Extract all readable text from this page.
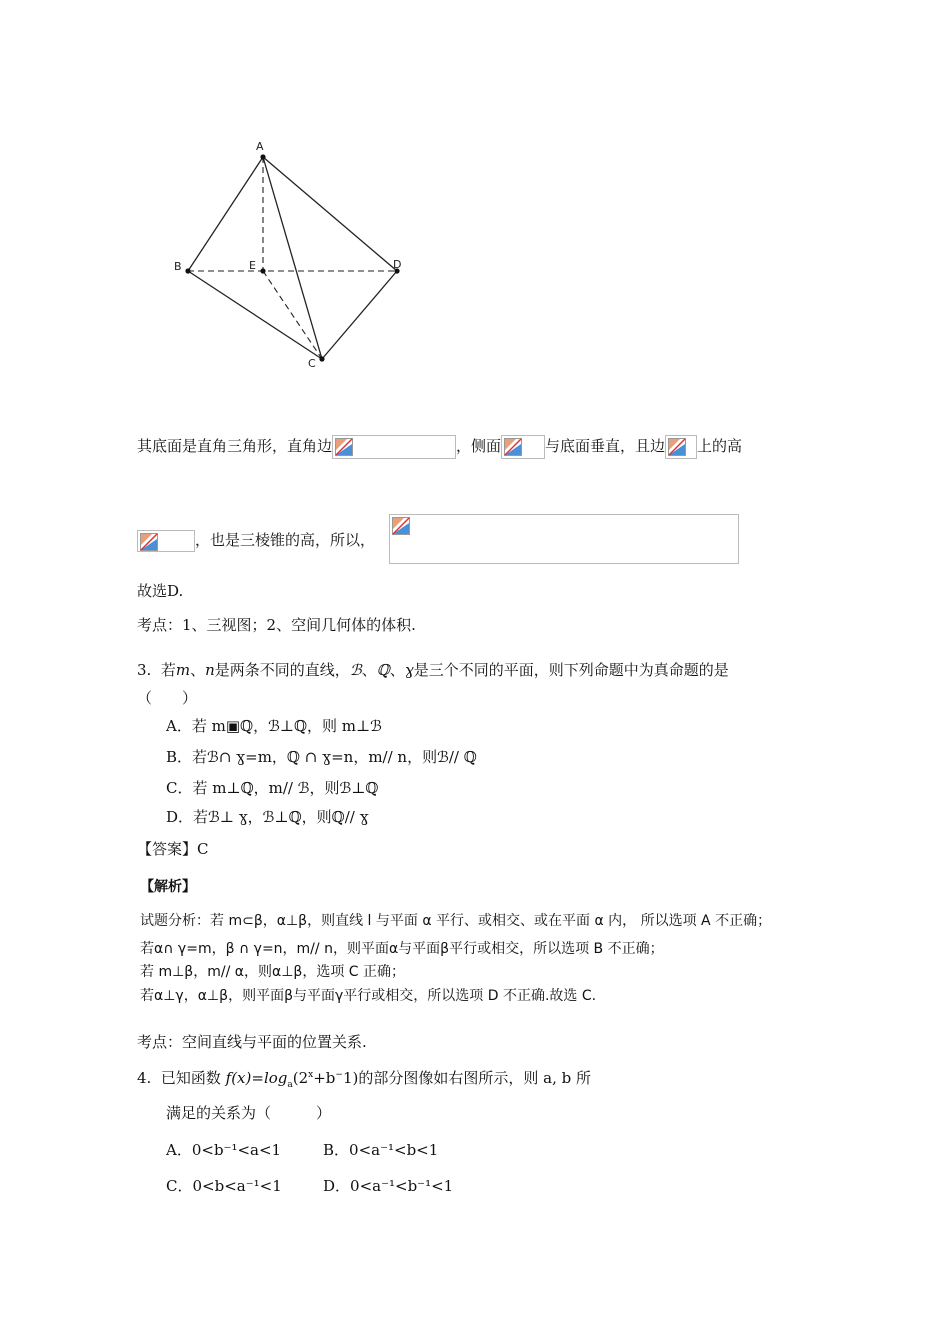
A
B	E	D
C
其底面是直角三角形，直角边	，侧面	与底面垂直，且边 上的高
，也是三棱锥的高，所以，
故选D.
考点：1、三视图；2、空间几何体的体积.
3. 若m、n是两条不同的直线，ℬ、ℚ、ɣ是三个不同的平面，则下列命题中为真命题的是
（　　）
A．若 m▣ℚ，ℬ⊥ℚ，则 m⊥ℬ
B．若ℬ∩ ɣ=m，ℚ ∩ ɣ=n，m// n，则ℬ// ℚ
C．若 m⊥ℚ，m// ℬ，则ℬ⊥ℚ
D．若ℬ⊥ ɣ，ℬ⊥ℚ，则ℚ// ɣ
【答案】C
【解析】
试题分析：若 m⊂β，α⊥β，则直线 l 与平面 α 平行、或相交、或在平面 α 内， 所以选项 A 不正确；
若α∩ γ=m，β ∩ γ=n，m// n，则平面α与平面β平行或相交，所以选项 B 不正确；
若 m⊥β，m// α，则α⊥β，选项 C 正确；
若α⊥γ，α⊥β，则平面β与平面γ平行或相交，所以选项 D 不正确.故选 C.
考点：空间直线与平面的位置关系.
4. 已知函数 $f(x)=\log_a(2^x+b^-1)$的部分图像如右图所示，则 a, b 所
满足的关系为（　　　）
A．0<b⁻¹<a<1	B．0<a⁻¹<b<1
C．0<b<a⁻¹<1	D．0<a⁻¹<b⁻¹<1
